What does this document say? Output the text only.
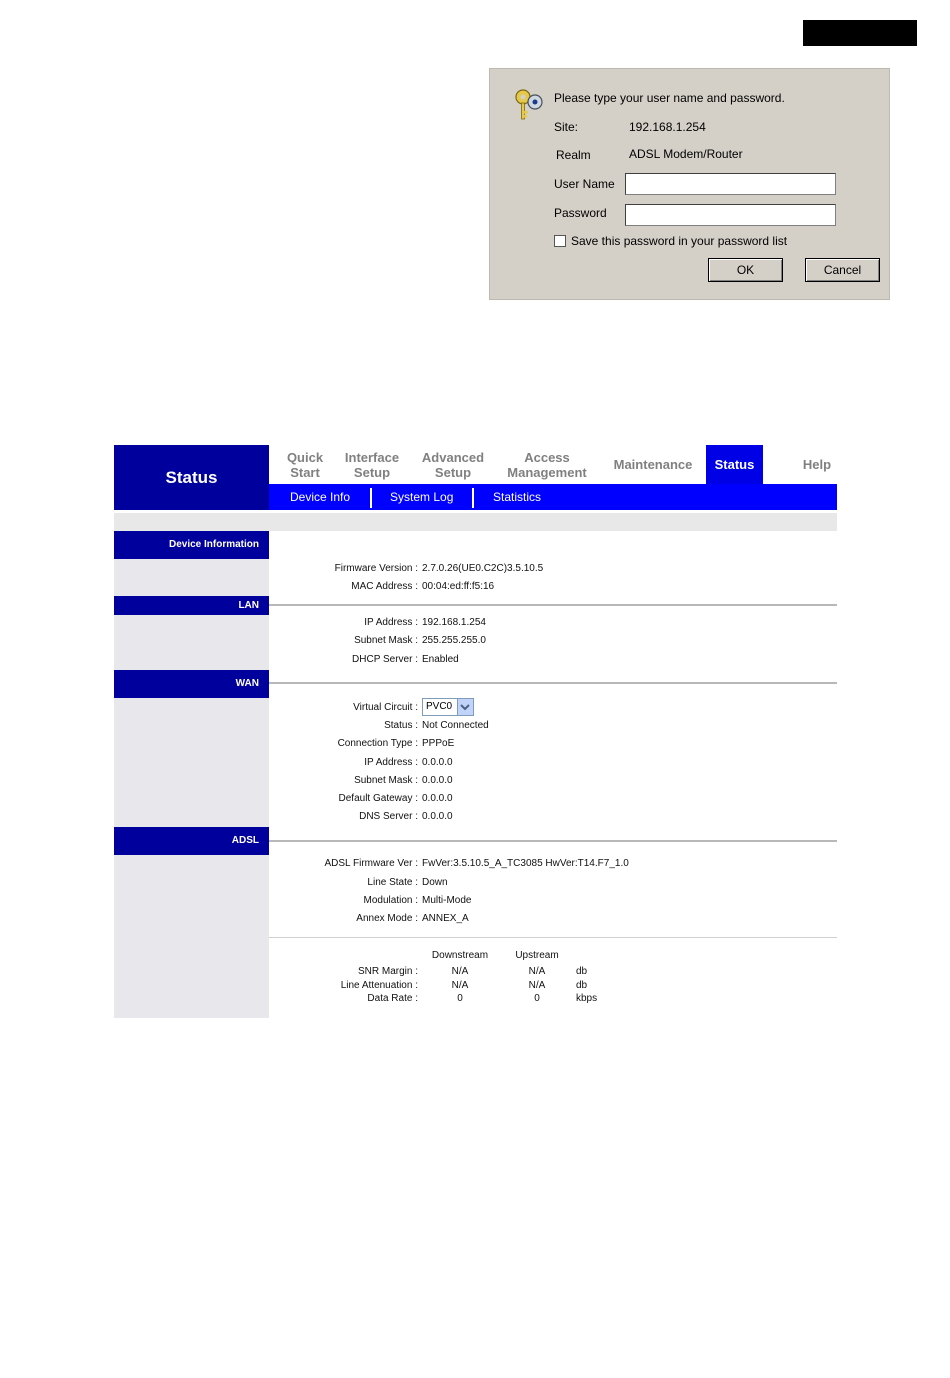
Please type your user name and password.
Site:	192.168.1.254
Realm	ADSL Modem/Router
User Name
Password
Save this password in your password list
OK	Cancel
Status
Quick
Start
Interface
Setup
Advanced
Setup
Access
Management Maintenance Status	Help
Device Info	System Log	Statistics
Device Information
Firmware Version : 2.7.0.26(UE0.C2C)3.5.10.5
MAC Address : 00:04:ed:ff:f5:16
LAN
IP Address : 192.168.1.254
Subnet Mask : 255.255.255.0
DHCP Server : Enabled
WAN
Virtual Circuit : PVC0
Status : Not Connected
Connection Type : PPPoE
IP Address : 0.0.0.0
Subnet Mask : 0.0.0.0
Default Gateway : 0.0.0.0
DNS Server : 0.0.0.0
ADSL
ADSL Firmware Ver : FwVer:3.5.10.5_A_TC3085 HwVer:T14.F7_1.0
Line State : Down
Modulation : Multi-Mode
Annex Mode : ANNEX_A
Downstream	Upstream
SNR Margin :	N/A	N/A	db
Line Attenuation :	N/A	N/A	db
Data Rate :	0	0	kbps
